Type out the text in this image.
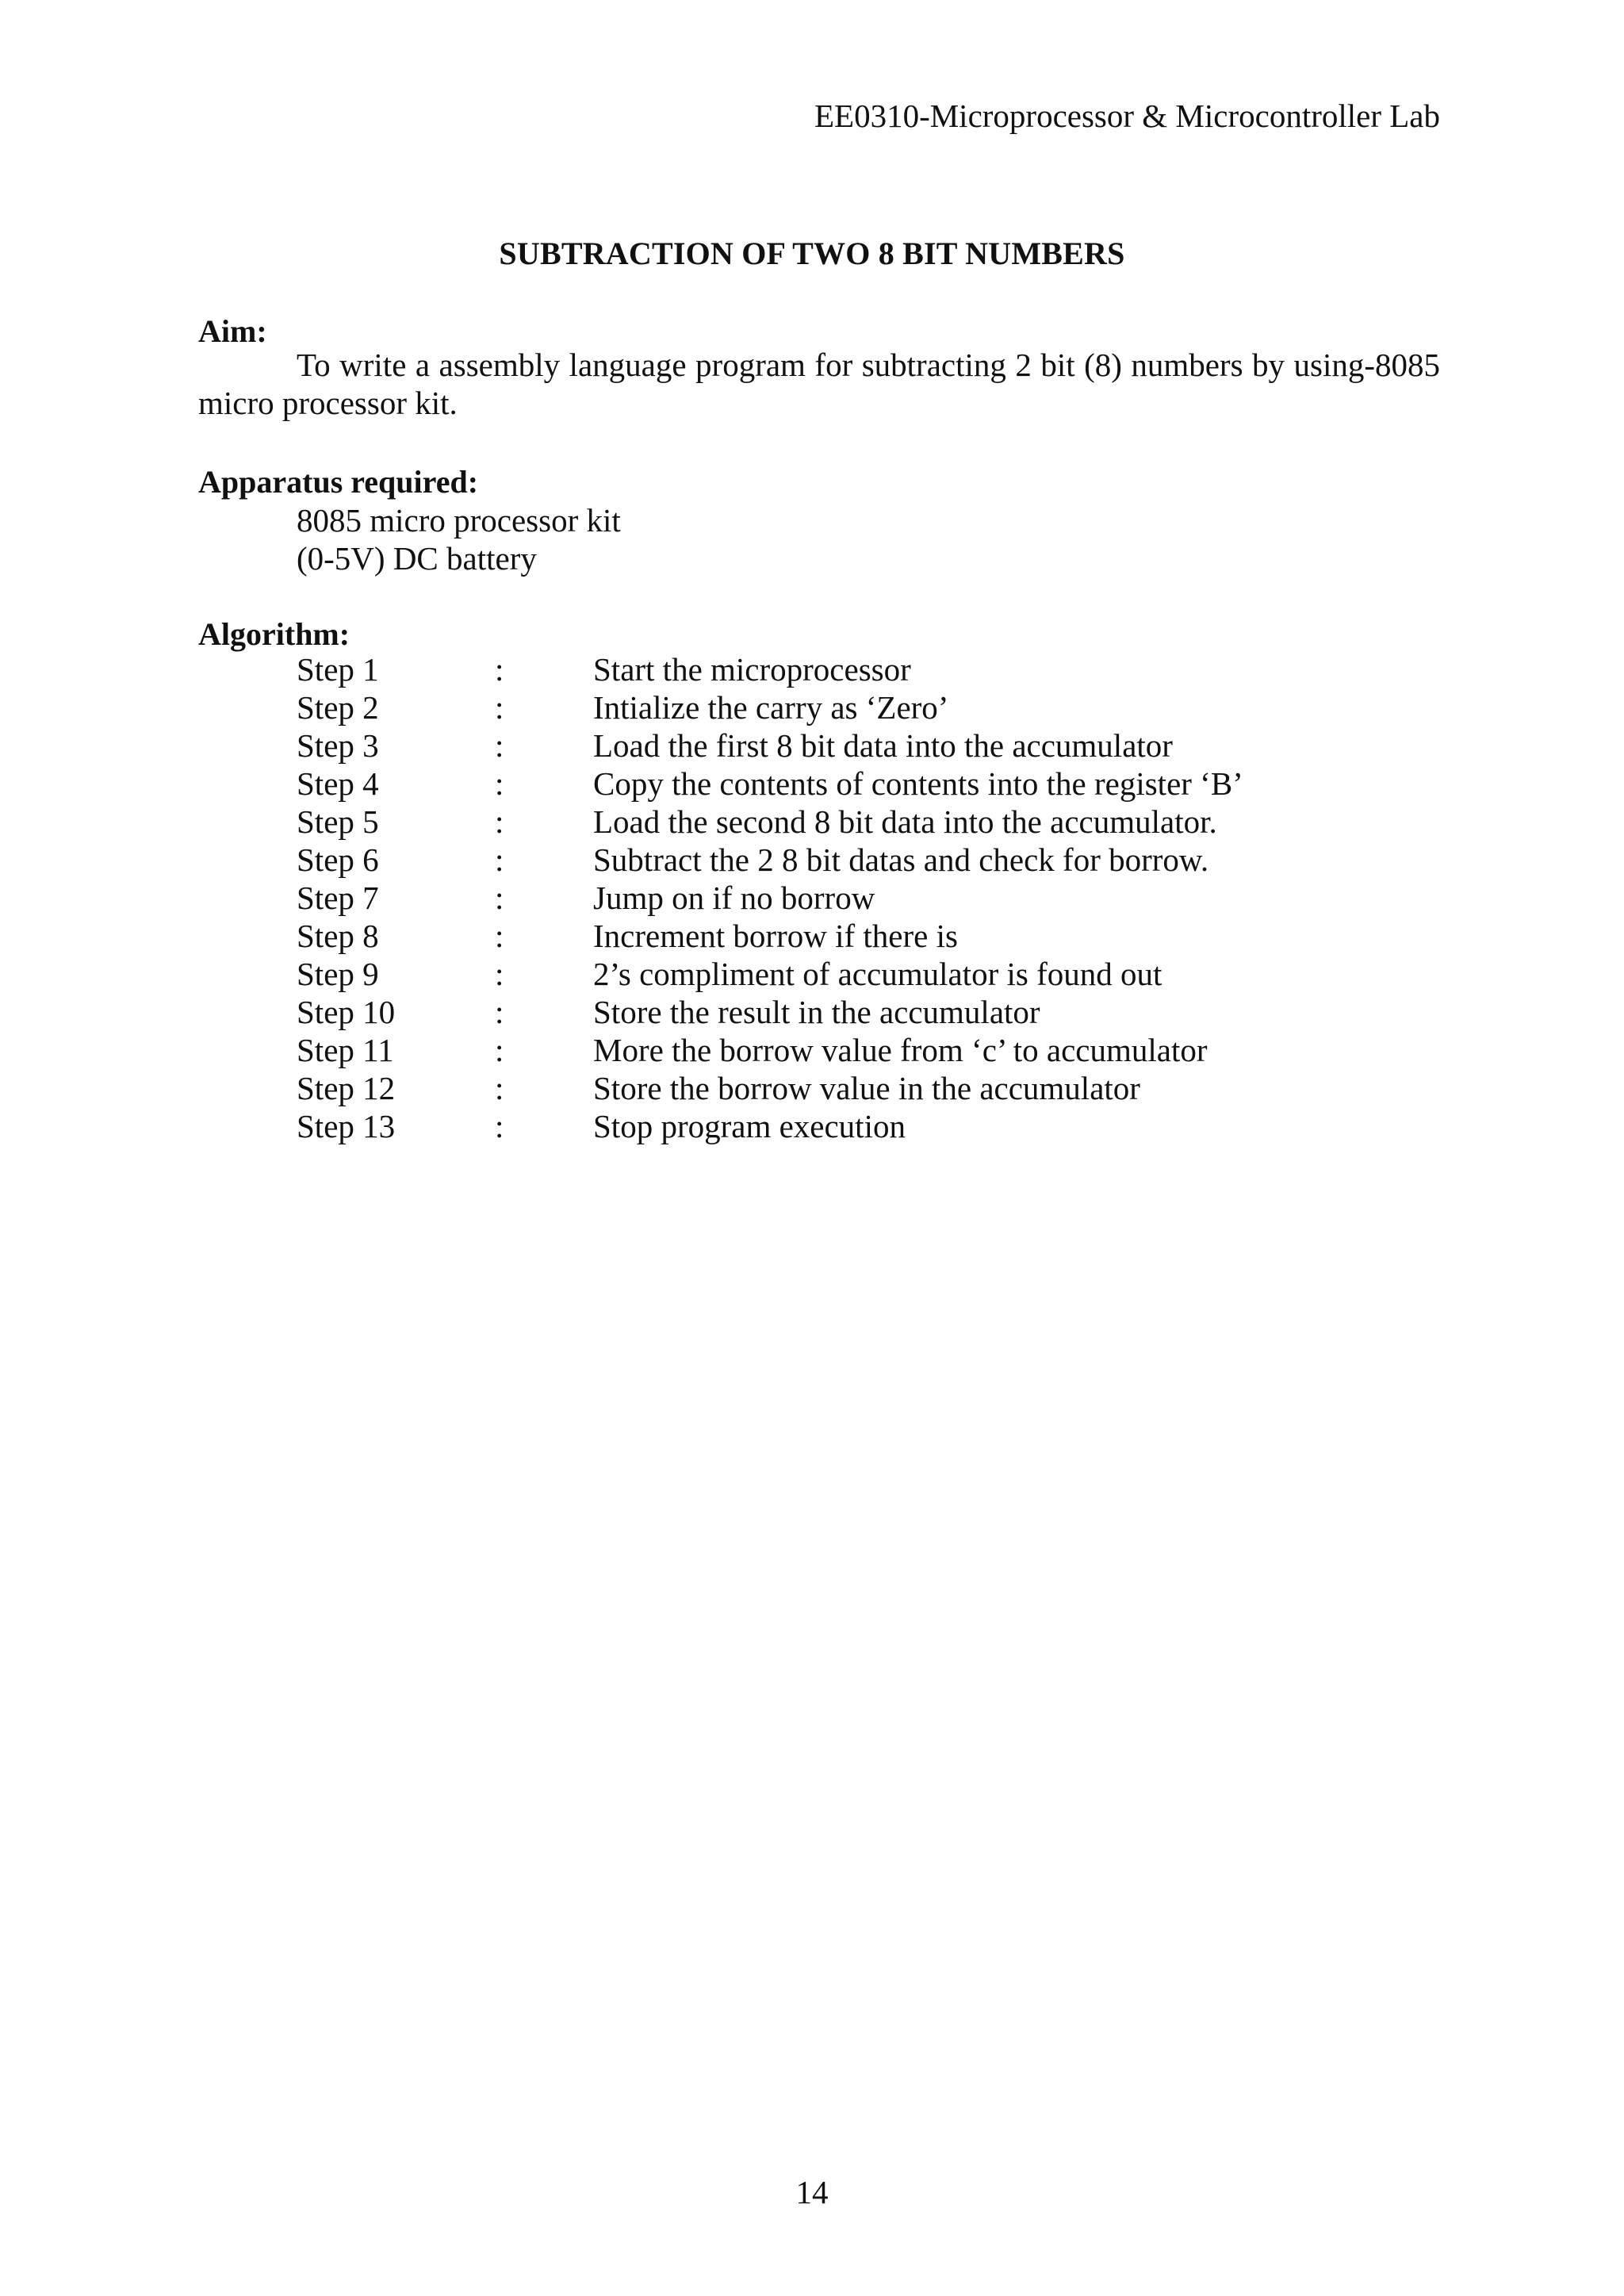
EE0310-Microprocessor & Microcontroller Lab
SUBTRACTION OF TWO 8 BIT NUMBERS
Aim:
To write a assembly language program for subtracting 2 bit (8) numbers by using-8085 micro processor kit.
Apparatus required:
8085 micro processor kit
(0-5V) DC battery
Algorithm:
Step 1	:	Start the microprocessor
Step 2	:	Intialize the carry as ‘Zero’
Step 3	:	Load the first 8 bit data into the accumulator
Step 4	:	Copy the contents of contents into the register ‘B’
Step 5	:	Load the second 8 bit data into the accumulator.
Step 6	:	Subtract the 2 8 bit datas and check for borrow.
Step 7	:	Jump on if no borrow
Step 8	:	Increment borrow if there is
Step 9	:	2’s compliment of accumulator is found out
Step 10	:	Store the result in the accumulator
Step 11	:	More the borrow value from ‘c’ to accumulator
Step 12	:	Store the borrow value in the accumulator
Step 13	:	Stop program execution
14
